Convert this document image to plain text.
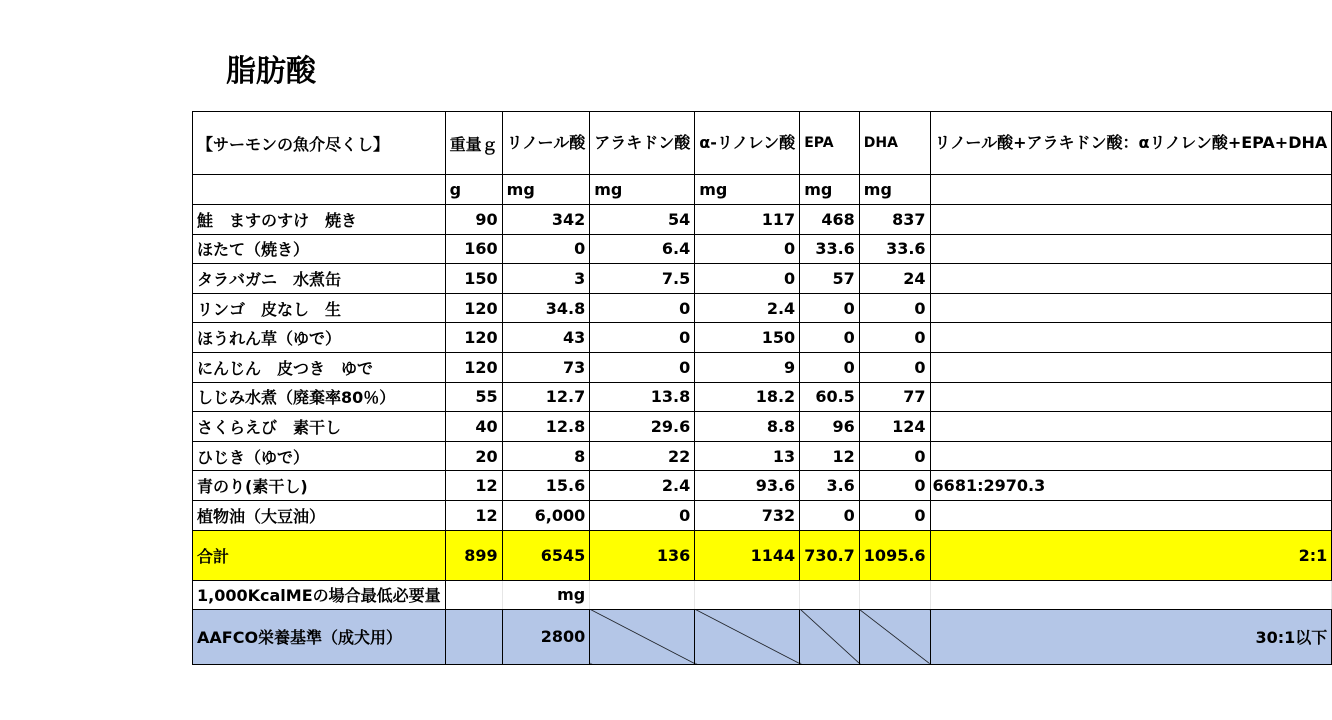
脂肪酸
【サーモンの魚介尽くし】	重量ｇ	リノール酸	アラキドン酸	α-リノレン酸	EPA	DHA	リノール酸+アラキドン酸：αリノレン酸+EPA+DHA
	g	mg	mg	mg	mg	mg	
鮭　ますのすけ　焼き	90	342	54	117	468	837	
ほたて（焼き）	160	0	6.4	0	33.6	33.6	
タラバガニ　水煮缶	150	3	7.5	0	57	24	
リンゴ　皮なし　生	120	34.8	0	2.4	0	0	
ほうれん草（ゆで）	120	43	0	150	0	0	
にんじん　皮つき　ゆで	120	73	0	9	0	0	
しじみ水煮（廃棄率80％）	55	12.7	13.8	18.2	60.5	77	
さくらえび　素干し	40	12.8	29.6	8.8	96	124	
ひじき（ゆで）	20	8	22	13	12	0	
青のり(素干し)	12	15.6	2.4	93.6	3.6	0	6681:2970.3
植物油（大豆油）	12	6,000	0	732	0	0	
合計	899	6545	136	1144	730.7	1095.6	2:1
1,000KcalMEの場合最低必要量		mg					
AAFCO栄養基準（成犬用）		2800					30:1以下
